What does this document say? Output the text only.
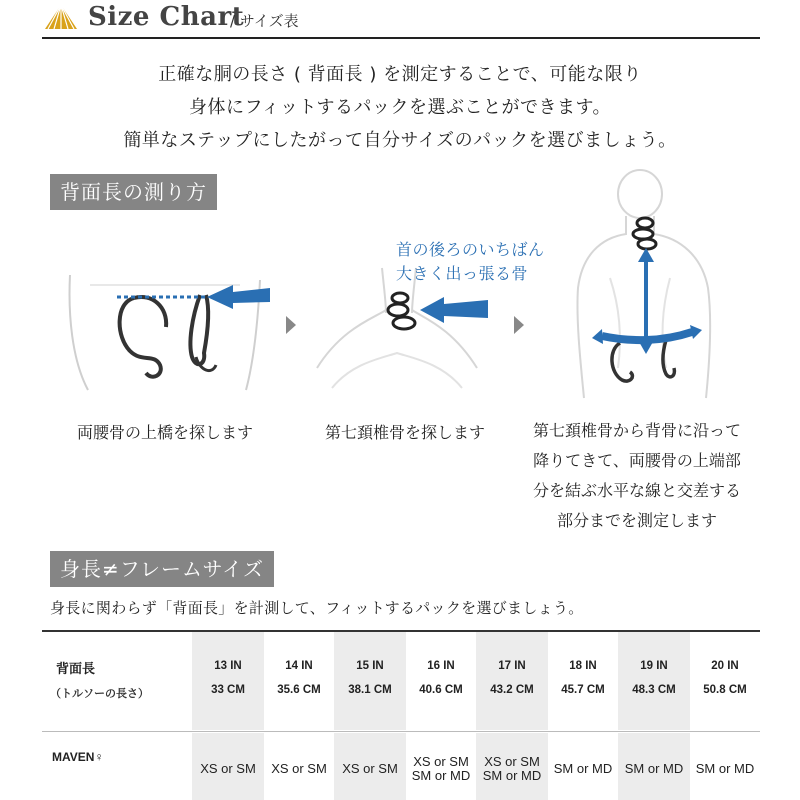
Size Chart
/ サイズ表
正確な胴の長さ ( 背面長 ) を測定することで、可能な限り
身体にフィットするパックを選ぶことができます。
簡単なステップにしたがって自分サイズのパックを選びましょう。
背面長の測り方
両腰骨の上橋を探します
首の後ろのいちばん
大きく出っ張る骨
第七頚椎骨を探します	第七頚椎骨から背骨に沿って
降りてきて、両腰骨の上端部
分を結ぶ水平な線と交差する
部分までを測定します
身長≠フレームサイズ
身長に関わらず「背面長」を計測して、フィットするパックを選びましょう。
背面長
（トルソーの長さ）
MAVEN♀
13 IN
33 CM
XS or SM
14 IN
35.6 CM
XS or SM
15 IN
38.1 CM
XS or SM
16 IN
40.6 CM
XS or SM
SM or MD
17 IN
43.2 CM
XS or SM
SM or MD
18 IN
45.7 CM
SM or MD
19 IN
48.3 CM
SM or MD
20 IN
50.8 CM
SM or MD
